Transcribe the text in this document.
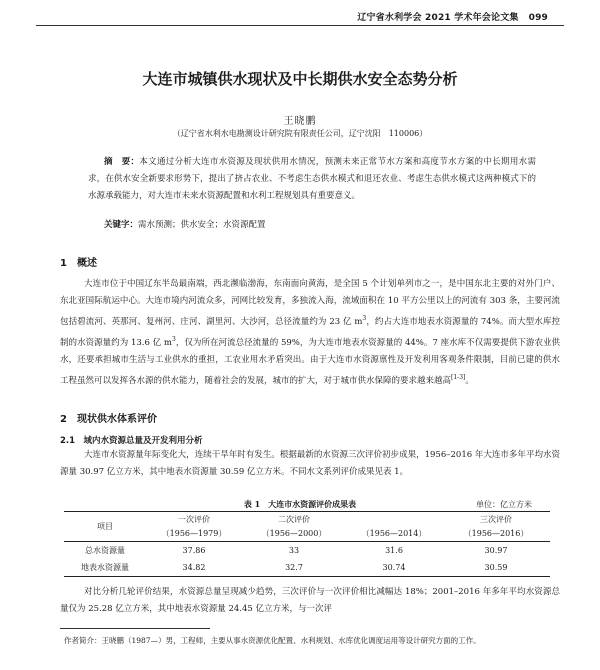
辽宁省水利学会 2021 学术年会论文集 099
大连市城镇供水现状及中长期供水安全态势分析
王晓鹏
（辽宁省水利水电勘测设计研究院有限责任公司，辽宁沈阳　110006）
摘　要：本文通过分析大连市水资源及现状供用水情况，预测未来正常节水方案和高度节水方案的中长期用水需求，在供水安全新要求形势下，提出了挤占农业、不考虑生态供水模式和退还农业、考虑生态供水模式这两种模式下的水源承载能力，对大连市未来水资源配置和水利工程规划具有重要意义。
关键字：需水预测；供水安全；水资源配置
1　概述
大连市位于中国辽东半岛最南端，西北濒临渤海，东南面向黄海，是全国 5 个计划单列市之一，是中国东北主要的对外门户、东北亚国际航运中心。大连市境内河流众多，河网比较发育，多独流入海，流域面积在 10 平方公里以上的河流有 303 条，主要河流包括碧流河、英那河、复州河、庄河、湖里河、大沙河，总径流量约为 23 亿 $m^3$，约占大连市地表水资源量的 74%。而大型水库控制的水资源量约为 13.6 亿 $m^3$，仅为所在河流总径流量的 59%，为大连市地表水资源量的 44%。7 座水库不仅需要提供下游农业供水，还要承担城市生活与工业供水的重担，工农业用水矛盾突出。由于大连市水资源禀性及开发利用客观条件限制，目前已建的供水工程虽然可以发挥各水源的供水能力，随着社会的发展，城市的扩大，对于城市供水保障的要求越来越高[1-3]。
2　现状供水体系评价
2.1　域内水资源总量及开发利用分析
大连市水资源量年际变化大，连续干旱年时有发生。根据最新的水资源三次评价初步成果，1956–2016 年大连市多年平均水资源量 30.97 亿立方米，其中地表水资源量 30.59 亿立方米。不同水文系列评价成果见表 1。
表 1　大连市水资源评价成果表	单位：亿立方米
项目	一次评价	二次评价		三次评价
	（1956—1979）	（1956—2000）	（1956—2014）	（1956—2016）
总水资源量	37.86	33	31.6	30.97
地表水资源量	34.82	32.7	30.74	30.59
对比分析几轮评价结果，水资源总量呈现减少趋势，三次评价与一次评价相比减幅达 18%；2001–2016 年多年平均水资源总量仅为 25.28 亿立方米，其中地表水资源量 24.45 亿立方米，与一次评
作者简介：王晓鹏（1987—）男，工程师，主要从事水资源优化配置、水利规划、水库优化调度运用等设计研究方面的工作。
